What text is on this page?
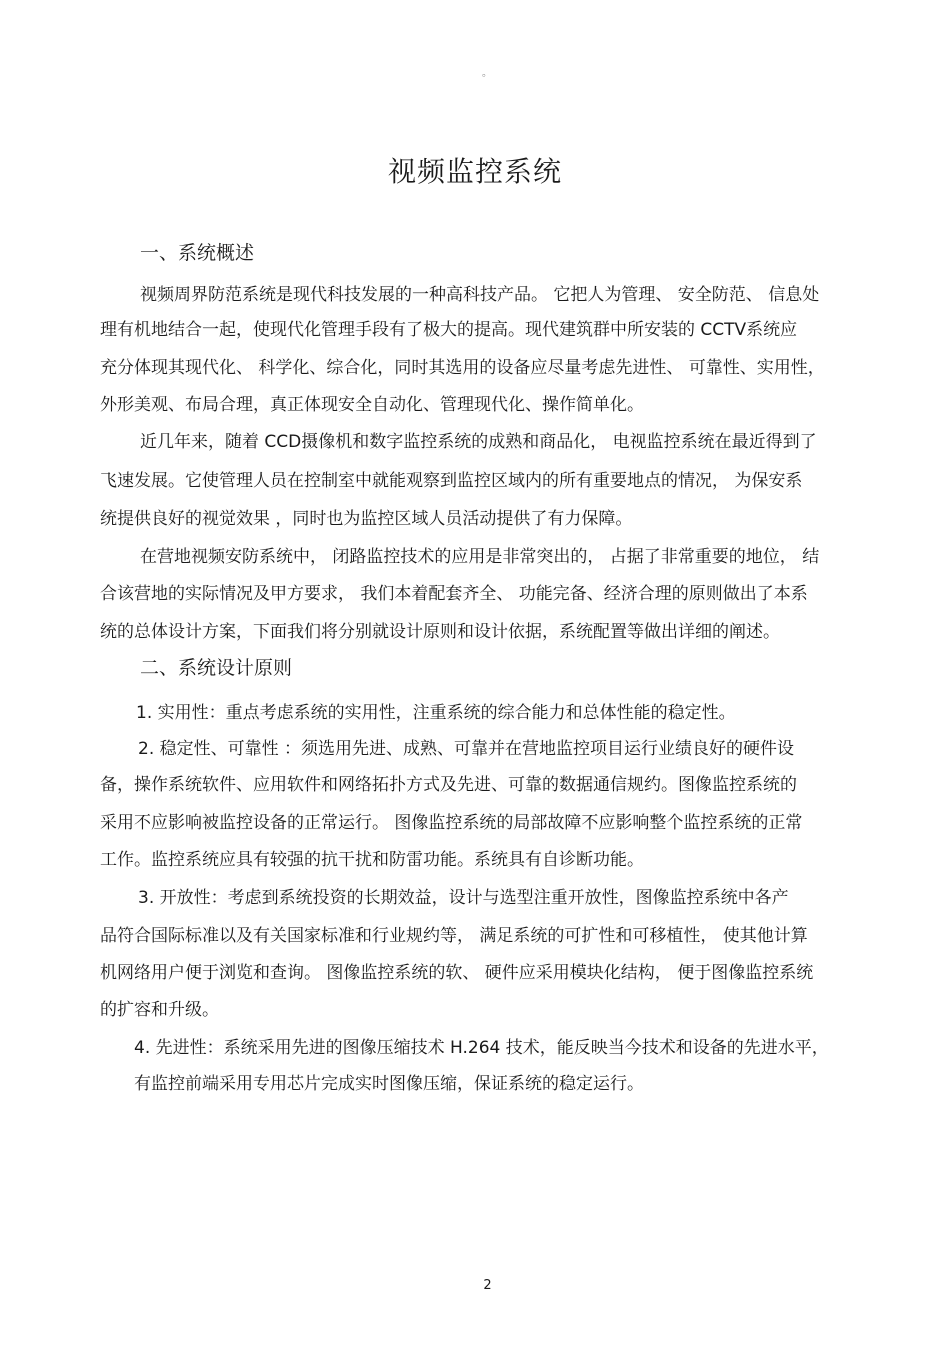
。
视频监控系统
一、系统概述
视频周界防范系统是现代科技发展的一种高科技产品。 它把人为管理、 安全防范、 信息处
理有机地结合一起，使现代化管理手段有了极大的提高。现代建筑群中所安装的 CCTV系统应
充分体现其现代化、 科学化、综合化，同时其选用的设备应尽量考虑先进性、 可靠性、实用性，
外形美观、布局合理，真正体现安全自动化、管理现代化、操作简单化。
近几年来，随着 CCD摄像机和数字监控系统的成熟和商品化， 电视监控系统在最近得到了
飞速发展。它使管理人员在控制室中就能观察到监控区域内的所有重要地点的情况， 为保安系
统提供良好的视觉效果 ，同时也为监控区域人员活动提供了有力保障。
在营地视频安防系统中， 闭路监控技术的应用是非常突出的， 占据了非常重要的地位， 结
合该营地的实际情况及甲方要求， 我们本着配套齐全、 功能完备、经济合理的原则做出了本系
统的总体设计方案，下面我们将分别就设计原则和设计依据，系统配置等做出详细的阐述。
二、系统设计原则
1. 实用性：重点考虑系统的实用性，注重系统的综合能力和总体性能的稳定性。
2. 稳定性、可靠性 ：须选用先进、成熟、可靠并在营地监控项目运行业绩良好的硬件设
备，操作系统软件、应用软件和网络拓扑方式及先进、可靠的数据通信规约。图像监控系统的
采用不应影响被监控设备的正常运行。 图像监控系统的局部故障不应影响整个监控系统的正常
工作。监控系统应具有较强的抗干扰和防雷功能。系统具有自诊断功能。
3. 开放性：考虑到系统投资的长期效益，设计与选型注重开放性，图像监控系统中各产
品符合国际标准以及有关国家标准和行业规约等， 满足系统的可扩性和可移植性， 使其他计算
机网络用户便于浏览和查询。 图像监控系统的软、 硬件应采用模块化结构， 便于图像监控系统
的扩容和升级。
4. 先进性：系统采用先进的图像压缩技术 H.264 技术，能反映当今技术和设备的先进水平，
有监控前端采用专用芯片完成实时图像压缩，保证系统的稳定运行。
2
